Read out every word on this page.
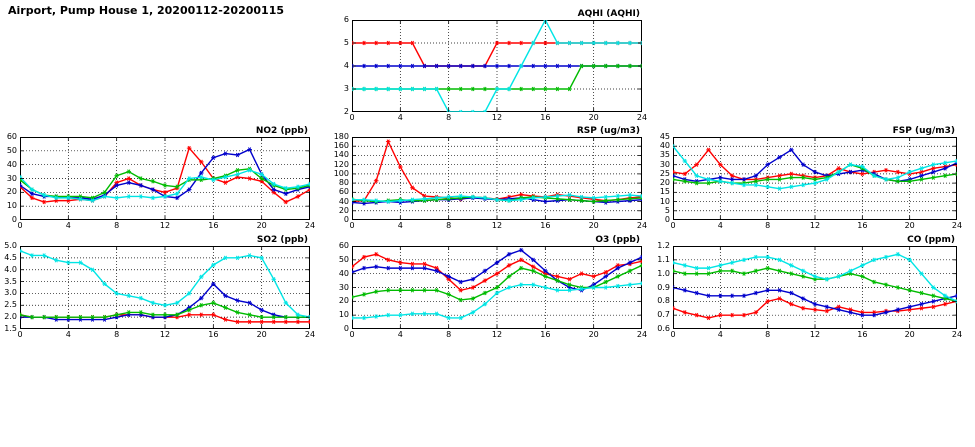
Airport, Pump House 1, 20200112-20200115	AQHI (AQHI)
2
3
4
5
6
0	4	8	12	16	20	24
NO2 (ppb)
0
10
20
30
40
50
60
0	4	8	12	16	20	24
RSP (ug/m3)
0
20
40
60
80
100
120
140
160
180
0	4	8	12	16	20	24
FSP (ug/m3)
0
5
10
15
20
25
30
35
40
45
0	4	8	12	16	20	24
SO2 (ppb)
1.5
2.0
2.5
3.0
3.5
4.0
4.5
5.0
0	4	8	12	16	20	24
O3 (ppb)
0
10
20
30
40
50
60
0	4	8	12	16	20	24
CO (ppm)
0.6
0.7
0.8
0.9
1.0
1.1
1.2
0	4	8	12	16	20	24
